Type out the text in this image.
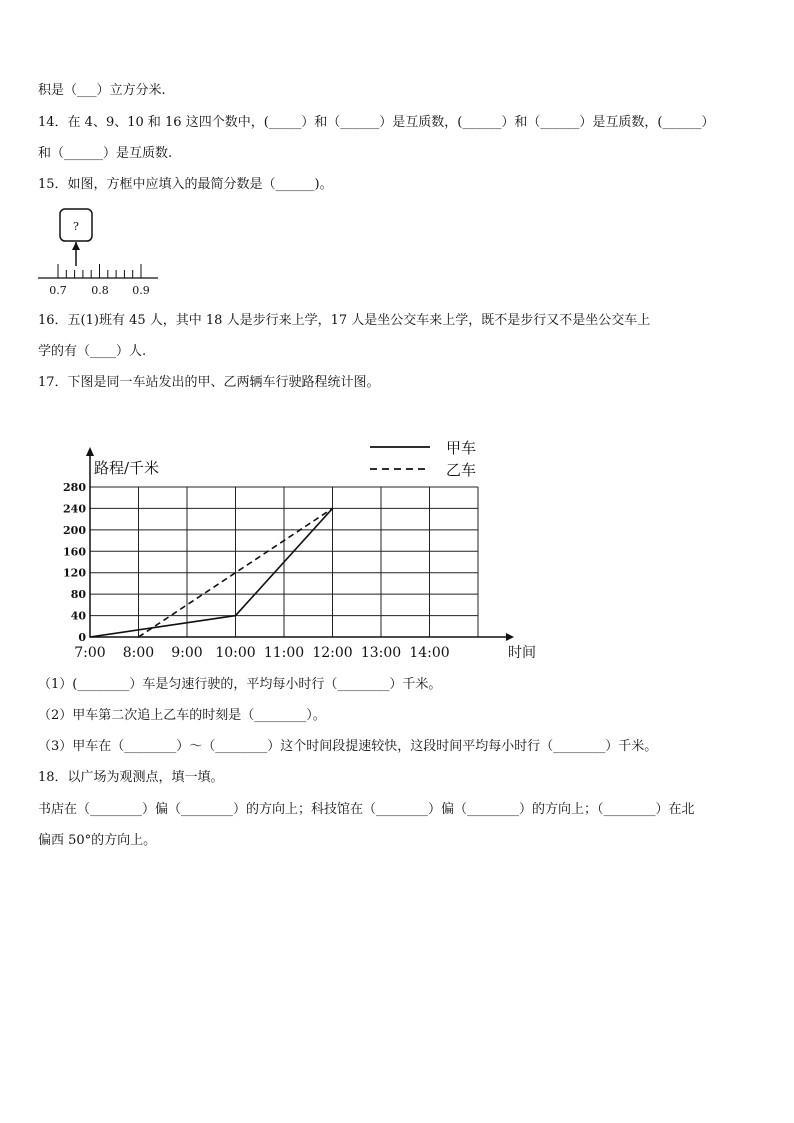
积是（___）立方分米.
14．在 4、9、10 和 16 这四个数中，(_____）和（______）是互质数，(______）和（______）是互质数，(______）
和（______）是互质数.
15．如图，方框中应填入的最简分数是（______)。
?
0.7 0.8 0.9
16．五(1)班有 45 人，其中 18 人是步行来上学，17 人是坐公交车来上学，既不是步行又不是坐公交车上
学的有（____）人.
17．下图是同一车站发出的甲、乙两辆车行驶路程统计图。
0
40
80
120
160
200
240
280
7:00 8:00 9:00 10:00 11:00 12:00 13:00 14:00	时间
路程/千米
甲车
乙车
（1）(________）车是匀速行驶的，平均每小时行（________）千米。
（2）甲车第二次追上乙车的时刻是（________）。
（3）甲车在（________）～（________）这个时间段提速较快，这段时间平均每小时行（________）千米。
18．以广场为观测点，填一填。
书店在（________）偏（________）的方向上；科技馆在（________）偏（________）的方向上；（________）在北
偏西 50°的方向上。
